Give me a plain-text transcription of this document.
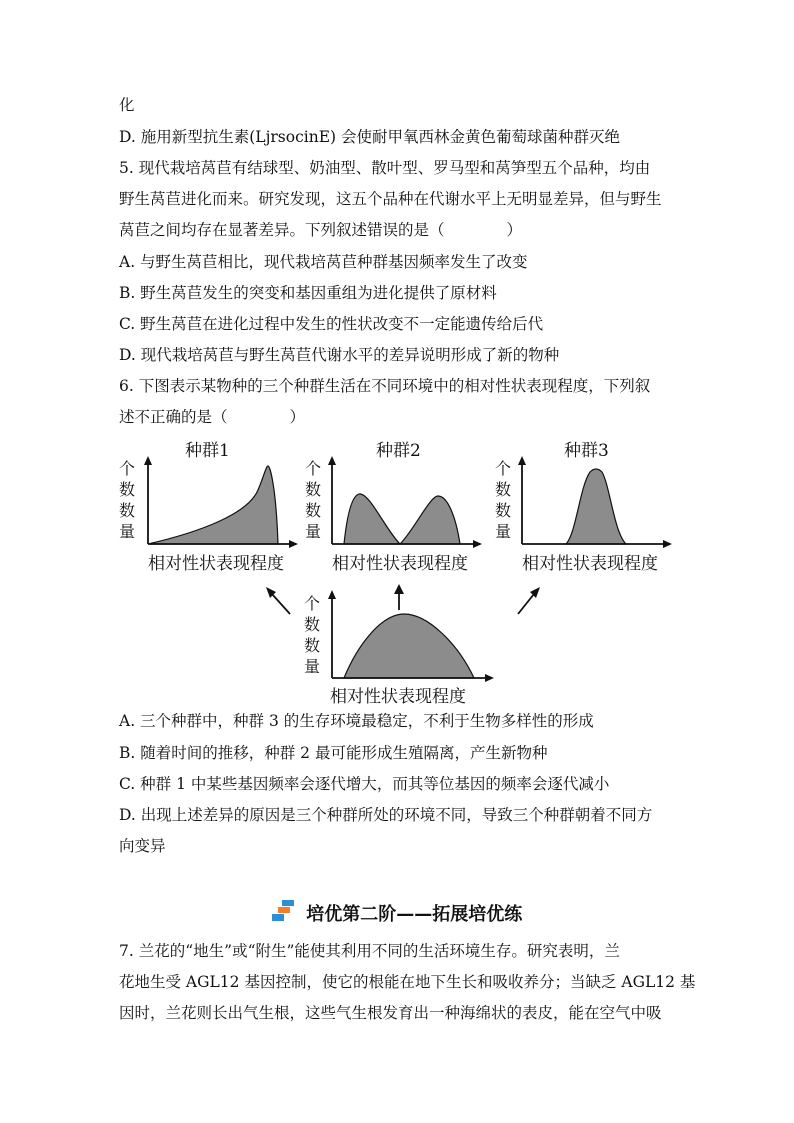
化
D. 施用新型抗生素(LjrsocinE) 会使耐甲氧西林金黄色葡萄球菌种群灭绝
5. 现代栽培莴苣有结球型、奶油型、散叶型、罗马型和莴笋型五个品种，均由
野生莴苣进化而来。研究发现，这五个品种在代谢水平上无明显差异，但与野生
莴苣之间均存在显著差异。下列叙述错误的是（　　　　）
A. 与野生莴苣相比，现代栽培莴苣种群基因频率发生了改变
B. 野生莴苣发生的突变和基因重组为进化提供了原材料
C. 野生莴苣在进化过程中发生的性状改变不一定能遗传给后代
D. 现代栽培莴苣与野生莴苣代谢水平的差异说明形成了新的物种
6. 下图表示某物种的三个种群生活在不同环境中的相对性状表现程度，下列叙
述不正确的是（　　　　）
种群1	种群2	种群3
个数数量
相对性状表现程度
个数数量
相对性状表现程度
个数数量
相对性状表现程度
个数数量
相对性状表现程度
A. 三个种群中，种群 3 的生存环境最稳定，不利于生物多样性的形成
B. 随着时间的推移，种群 2 最可能形成生殖隔离，产生新物种
C. 种群 1 中某些基因频率会逐代增大，而其等位基因的频率会逐代减小
D. 出现上述差异的原因是三个种群所处的环境不同，导致三个种群朝着不同方
向变异
培优第二阶——拓展培优练
7. 兰花的“地生”或“附生”能使其利用不同的生活环境生存。研究表明，兰
花地生受 AGL12 基因控制，使它的根能在地下生长和吸收养分；当缺乏 AGL12 基
因时，兰花则长出气生根，这些气生根发育出一种海绵状的表皮，能在空气中吸
